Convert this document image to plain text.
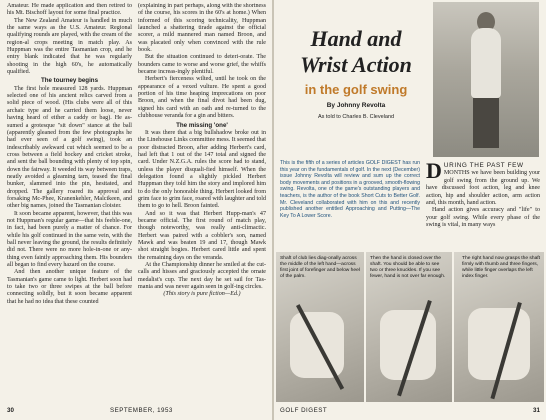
Amateur. He made application and then retired to his Mt. Bischoff layout for some final practice.

The New Zealand Amateur is handled in much the same ways as the U.S. Amateur. Regional qualifying rounds are played, with the cream of the region-al crops meeting in match play. As Huppman was the entire Tasmanian crop, and he entry blank indicated that he was regularly shooting in the high 60's, he automatically qualified.

The tourney begins

The first hole measured 128 yards. Huppman selected one of his ancient relics carved from a solid piece of wood. (His clubs were all of this archaic type and he carried them loose, never having heard of either a caddy or bag). He as-sumed a grotesque "sit down" stance at the ball (apparently gleaned from the few photographs he had ever seen of a golf swing), took an indescribably awkward cut which seemed to be a cross between a field hockey and cricket stroke, and sent the ball bounding with plenty of top spin, down the fairway. It weeded its way between traps, neatly avoided a gleaming tarn, teased the final bunker, slammed into the pin, hesitated, and dropped. The gallery roared its approval and forsaking Mc-Phee, Kranenkehler, Malcikeen, and other big names, joined the Tasmanian cloister.

It soon became apparent, however, that this was not Huppman's regular game—that his feeble-one, in fact, had been purely a matter of chance. For while his golf continued in the same vein, with the ball never leaving the ground, the results definitely did not. There were no more hole-in-one or any-thing even faintly approaching them. His bounders all began to find every hazard on the course.

And then another unique feature of the Tasmanian's game came to light. Herbert soon had to take two or three swipes at the ball before connecting solidly, but it soon became apparent that he had no idea that these counted

(explaining in part perhaps, along with the shortness of the course, his scores in the 60's at home.) When informed of this scoring technicality, Huppman launched a shattering tirade against the official scorer, a mild mannered man named Broon, and was placated only when convinced with the rule book.

But the situation continued to deteri-orate. The bounders came to worse and worse grief, the whiffs became increas-ingly plentiful.

Herbert's fierceness wilted, until he took on the appearance of a vexed vulture. He spent a good portion of his time heaping imprecations on poor Broon, and when the final divot had been dug, signed his card with an oath and re-turned to the clubhouse veranda for a gin and bitters.

The missing 'one'

It was there that a big bullshadow broke out in the Linehouse Links committee mess. It seemed that poor distracted Broon, after adding Herbert's card, had left that 1 out of the 147 total and signed the card. Under N.Z.G.A. rules the score had to stand, unless the player disquali-fied himself. When the delegation found a slightly pickled Herbert Huppman they told him the story and implored him to do the only honorable thing. Herbert looked from grim face to grim face, roared with laughter and told them to go to hell. Broon fainted.

And so it was that Herbert Hupp-man's 47 became official. The first round of match play, though noteworthy, was really anti-climactic. Herbert was paired with a cobbler's son, named Mawk and was beaten 19 and 17, though Mawk shot straight bogies. Herbert cared little and spent the remaining days on the veranda.

At the Championship dinner he smiled at the cut-calls and hisses and graciously accepted the ornate medalist's cup. The next day he set sail for Tas-mania and was never again seen in golf-ing circles.

(This story is pure fiction—Ed.)

30	SEPTEMBER, 1953
Hand and
Wrist Action
in the golf swing
By Johnny Revolta
As told to Charles B. Cleveland
This is the fifth of a series of articles GOLF DIGEST has run this year on the fundamentals of golf. In the next (December) issue Johnny Revolta will review and sum up the correct body movements and positions in a grooved, smooth-flowing swing. Revolta, one of the game's outstanding players and teachers, is the author of the book Short Cuts to Better Golf. Mr. Cleveland collaborated with him on this and recently published another entitled Approaching and Putting—The Key To A Lower Score.

DURING THE PAST FEW

MONTHS we have been building your golf swing from the ground up. We have discussed foot action, leg and knee action, hip and shoulder action, arm action and, this month, hand action.

Hand action gives accuracy and "life" to your golf swing. While every phase of the swing is vital, in many ways

Shaft of club lies diag-onally across the middle of the left hand—across first joint of forefinger and below heel of the palm.
Then the hand is closed over the shaft. You should be able to see two or three knuckles. If you see fewer, hand is not over far enough.
The right hand now grasps the shaft firmly with thumb and three fingers, while little finger overlaps the left index finger.
GOLF DIGEST	31
